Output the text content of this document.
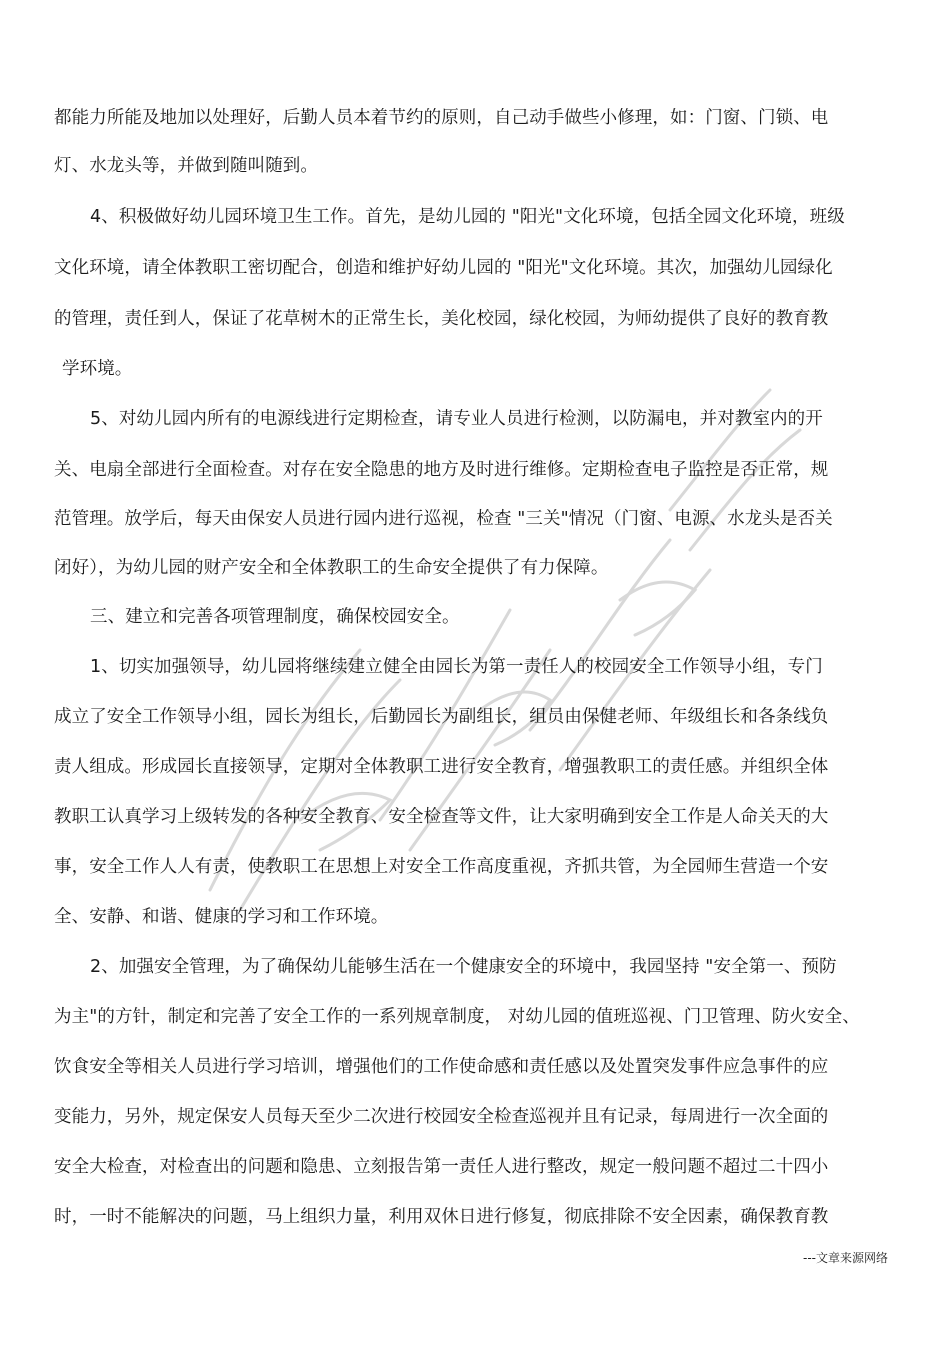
都能力所能及地加以处理好，后勤人员本着节约的原则，自己动手做些小修理，如：门窗、门锁、电
灯、水龙头等，并做到随叫随到。
4、积极做好幼儿园环境卫生工作。首先，是幼儿园的 "阳光"文化环境，包括全园文化环境，班级
文化环境，请全体教职工密切配合，创造和维护好幼儿园的 "阳光"文化环境。其次，加强幼儿园绿化
的管理，责任到人，保证了花草树木的正常生长，美化校园，绿化校园，为师幼提供了良好的教育教
学环境。
5、对幼儿园内所有的电源线进行定期检查，请专业人员进行检测，以防漏电，并对教室内的开
关、电扇全部进行全面检查。对存在安全隐患的地方及时进行维修。定期检查电子监控是否正常，规
范管理。放学后，每天由保安人员进行园内进行巡视，检查 "三关"情况（门窗、电源、水龙头是否关
闭好），为幼儿园的财产安全和全体教职工的生命安全提供了有力保障。
三、建立和完善各项管理制度，确保校园安全。
1、切实加强领导，幼儿园将继续建立健全由园长为第一责任人的校园安全工作领导小组，专门
成立了安全工作领导小组，园长为组长，后勤园长为副组长，组员由保健老师、年级组长和各条线负
责人组成。形成园长直接领导，定期对全体教职工进行安全教育，增强教职工的责任感。并组织全体
教职工认真学习上级转发的各种安全教育、安全检查等文件，让大家明确到安全工作是人命关天的大
事，安全工作人人有责，使教职工在思想上对安全工作高度重视，齐抓共管，为全园师生营造一个安
全、安静、和谐、健康的学习和工作环境。
2、加强安全管理，为了确保幼儿能够生活在一个健康安全的环境中，我园坚持 "安全第一、预防
为主"的方针，制定和完善了安全工作的一系列规章制度， 对幼儿园的值班巡视、门卫管理、防火安全、
饮食安全等相关人员进行学习培训，增强他们的工作使命感和责任感以及处置突发事件应急事件的应
变能力，另外，规定保安人员每天至少二次进行校园安全检查巡视并且有记录，每周进行一次全面的
安全大检查，对检查出的问题和隐患、立刻报告第一责任人进行整改，规定一般问题不超过二十四小
时，一时不能解决的问题，马上组织力量，利用双休日进行修复，彻底排除不安全因素，确保教育教
---文章来源网络
